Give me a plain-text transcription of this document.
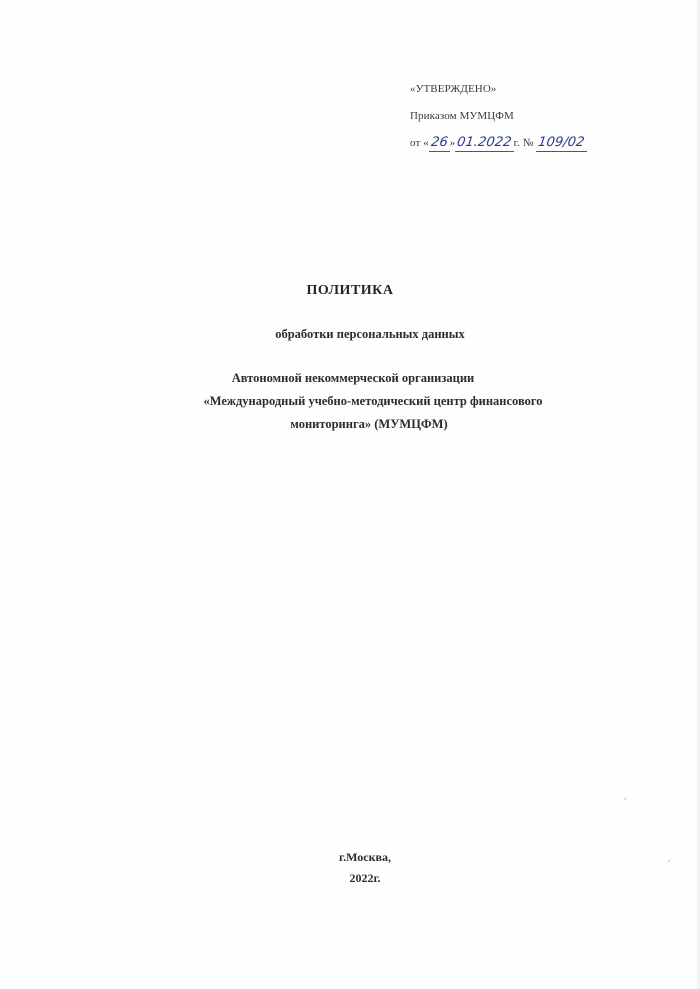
«УТВЕРЖДЕНО»
Приказом МУМЦФМ
от «26»01.2022г. № 109/02
ПОЛИТИКА
обработки персональных данных
Автономной некоммерческой организации
«Международный учебно-методический центр финансового
мониторинга» (МУМЦФМ)
г.Москва,
2022г.
